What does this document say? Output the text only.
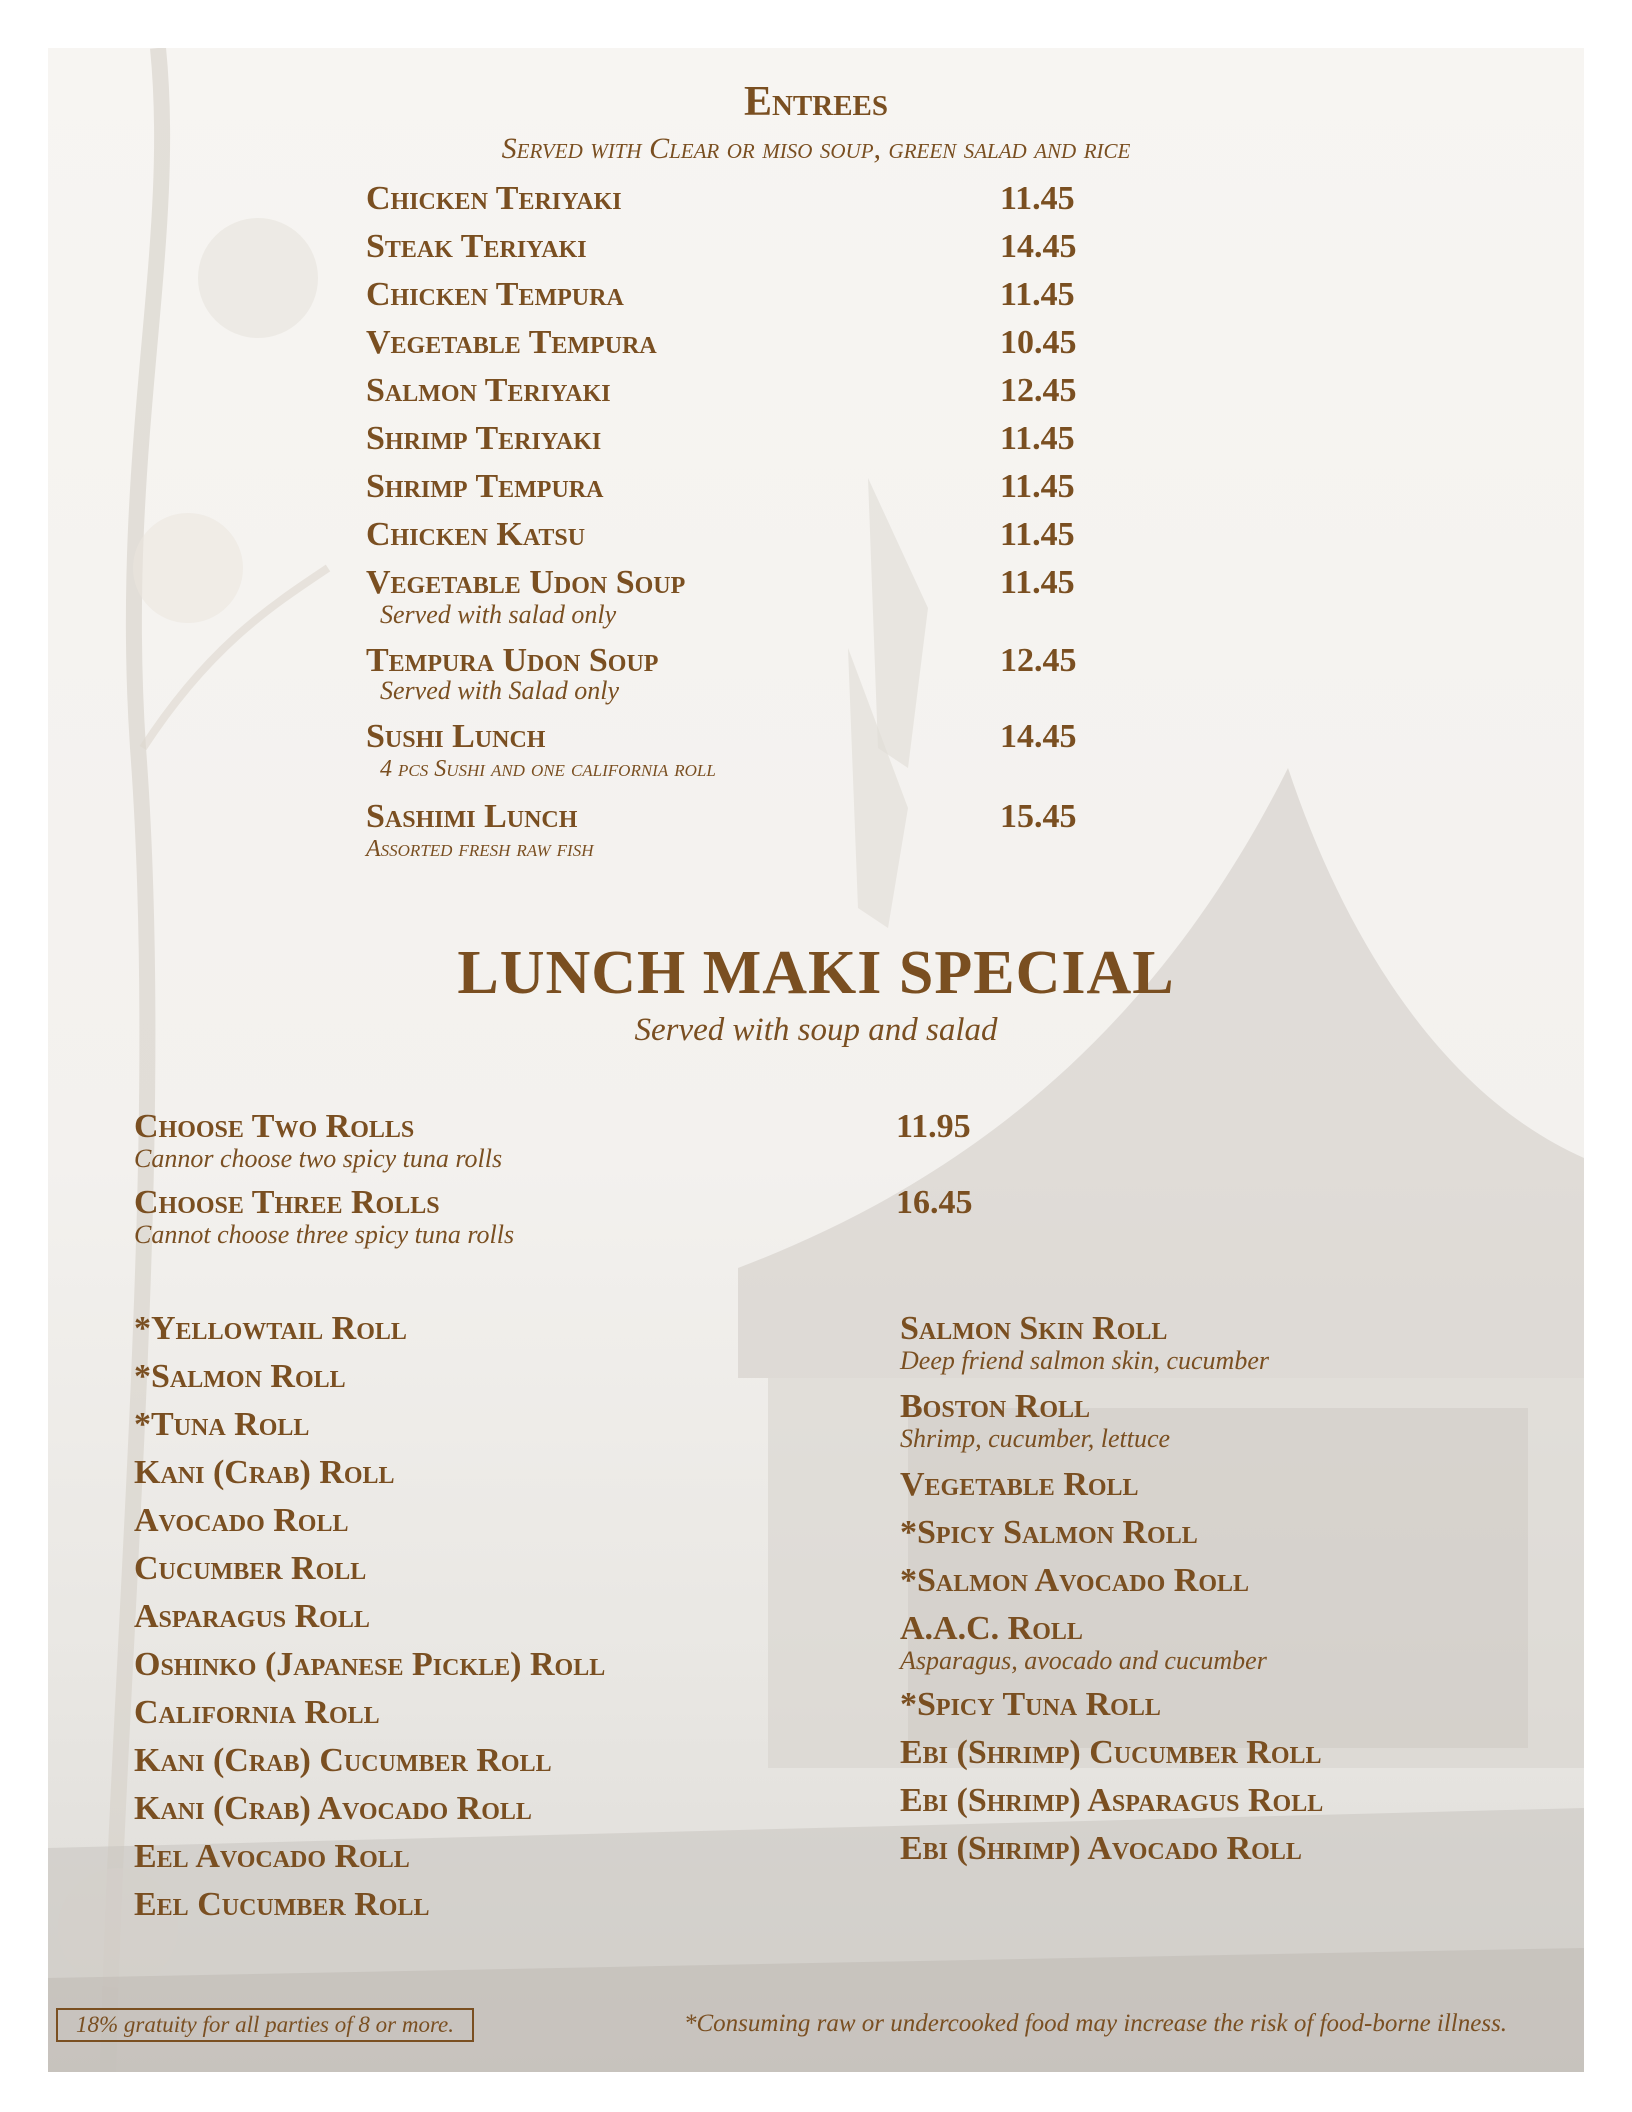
Entrees
Served with Clear or miso soup, green salad and rice
Chicken Teriyaki	11.45
Steak Teriyaki	14.45
Chicken Tempura	11.45
Vegetable Tempura	10.45
Salmon Teriyaki	12.45
Shrimp Teriyaki	11.45
Shrimp Tempura	11.45
Chicken Katsu	11.45
Vegetable Udon Soup	11.45
Served with salad only
Tempura Udon Soup	12.45
Served with Salad only
Sushi Lunch	14.45
4 pcs Sushi and one california roll
Sashimi Lunch	15.45
Assorted fresh raw fish
LUNCH MAKI SPECIAL
Served with soup and salad
Choose Two Rolls	11.95
Cannor choose two spicy tuna rolls
Choose Three Rolls	16.45
Cannot choose three spicy tuna rolls
*Yellowtail Roll
*Salmon Roll
*Tuna Roll
Kani (Crab) Roll
Avocado Roll
Cucumber Roll
Asparagus Roll
Oshinko (Japanese Pickle) Roll
California Roll
Kani (Crab) Cucumber Roll
Kani (Crab) Avocado Roll
Eel Avocado Roll
Eel Cucumber Roll
Salmon Skin Roll
Deep friend salmon skin, cucumber
Boston Roll
Shrimp, cucumber, lettuce
Vegetable Roll
*Spicy Salmon Roll
*Salmon Avocado Roll
A.A.C. Roll
Asparagus, avocado and cucumber
*Spicy Tuna Roll
Ebi (Shrimp) Cucumber Roll
Ebi (Shrimp) Asparagus Roll
Ebi (Shrimp) Avocado Roll
18% gratuity for all parties of 8 or more.	*Consuming raw or undercooked food may increase the risk of food-borne illness.
